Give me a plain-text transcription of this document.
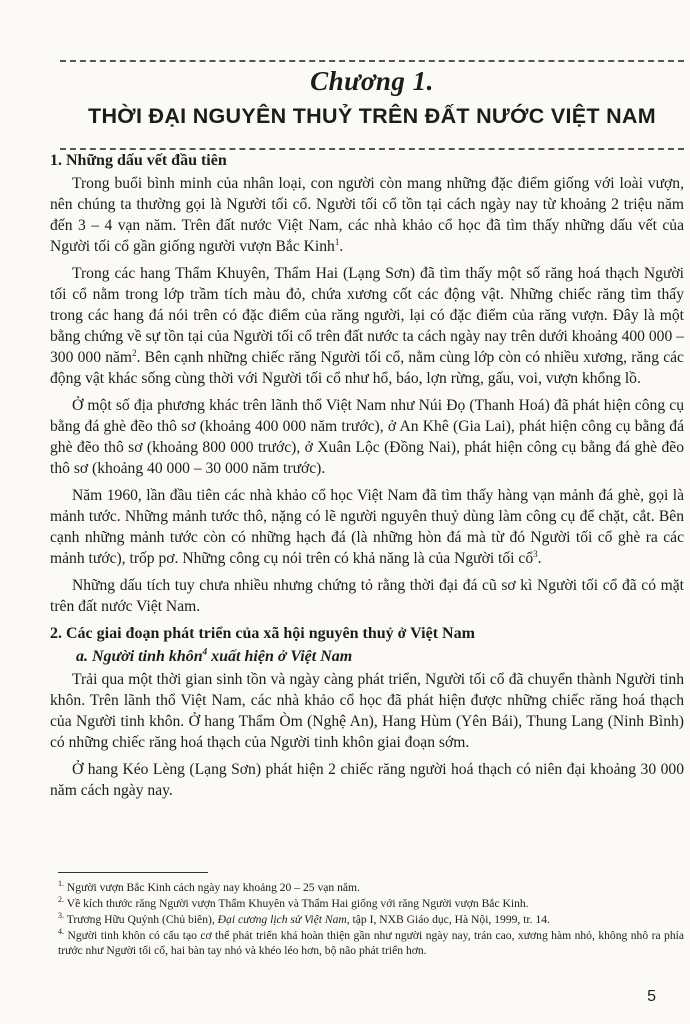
Chương 1.
THỜI ĐẠI NGUYÊN THUỶ TRÊN ĐẤT NƯỚC VIỆT NAM
1. Những dấu vết đầu tiên

Trong buổi bình minh của nhân loại, con người còn mang những đặc điểm giống với loài vượn, nên chúng ta thường gọi là Người tối cổ. Người tối cổ tồn tại cách ngày nay từ khoảng 2 triệu năm đến 3 – 4 vạn năm. Trên đất nước Việt Nam, các nhà khảo cổ học đã tìm thấy những dấu vết của Người tối cổ gần giống người vượn Bắc Kinh$^1$.

Trong các hang Thẩm Khuyên, Thẩm Hai (Lạng Sơn) đã tìm thấy một số răng hoá thạch Người tối cổ nằm trong lớp trầm tích màu đỏ, chứa xương cốt các động vật. Những chiếc răng tìm thấy trong các hang đá nói trên có đặc điểm của răng người, lại có đặc điểm của răng vượn. Đây là một bằng chứng về sự tồn tại của Người tối cổ trên đất nước ta cách ngày nay trên dưới khoảng 400 000 – 300 000 năm$^2$. Bên cạnh những chiếc răng Người tối cổ, nằm cùng lớp còn có nhiều xương, răng các động vật khác sống cùng thời với Người tối cổ như hổ, báo, lợn rừng, gấu, voi, vượn khổng lồ.

Ở một số địa phương khác trên lãnh thổ Việt Nam như Núi Đọ (Thanh Hoá) đã phát hiện công cụ bằng đá ghè đẽo thô sơ (khoảng 400 000 năm trước), ở An Khê (Gia Lai), phát hiện công cụ bằng đá ghè đẽo thô sơ (khoảng 800 000 trước), ở Xuân Lộc (Đồng Nai), phát hiện công cụ bằng đá ghè đẽo thô sơ (khoảng 40 000 – 30 000 năm trước).

Năm 1960, lần đầu tiên các nhà khảo cổ học Việt Nam đã tìm thấy hàng vạn mảnh đá ghè, gọi là mảnh tước. Những mảnh tước thô, nặng có lẽ người nguyên thuỷ dùng làm công cụ để chặt, cắt. Bên cạnh những mảnh tước còn có những hạch đá (là những hòn đá mà từ đó Người tối cổ ghè ra các mảnh tước), trốp pơ. Những công cụ nói trên có khả năng là của Người tối cổ$^3$.

Những dấu tích tuy chưa nhiều nhưng chứng tỏ rằng thời đại đá cũ sơ kì Người tối cổ đã có mặt trên đất nước Việt Nam.

2. Các giai đoạn phát triển của xã hội nguyên thuỷ ở Việt Nam
a. Người tinh khôn$^4$ xuất hiện ở Việt Nam

Trải qua một thời gian sinh tồn và ngày càng phát triển, Người tối cổ đã chuyển thành Người tinh khôn. Trên lãnh thổ Việt Nam, các nhà khảo cổ học đã phát hiện được những chiếc răng hoá thạch của Người tinh khôn. Ở hang Thẩm Òm (Nghệ An), Hang Hùm (Yên Bái), Thung Lang (Ninh Bình) có những chiếc răng hoá thạch của Người tinh khôn giai đoạn sớm.

Ở hang Kéo Lèng (Lạng Sơn) phát hiện 2 chiếc răng người hoá thạch có niên đại khoảng 30 000 năm cách ngày nay.

$^{1.}$ Người vượn Bắc Kinh cách ngày nay khoảng 20 – 25 vạn năm.
$^{2.}$ Về kích thước răng Người vượn Thẩm Khuyên và Thẩm Hai giống với răng Người vượn Bắc Kinh.
$^{3.}$ Trương Hữu Quýnh (Chủ biên), Đại cương lịch sử Việt Nam, tập I, NXB Giáo dục, Hà Nội, 1999, tr. 14.
$^{4.}$ Người tinh khôn có cấu tạo cơ thể phát triển khá hoàn thiện gần như người ngày nay, trán cao, xương hàm nhỏ, không nhô ra phía trước như Người tối cổ, hai bàn tay nhỏ và khéo léo hơn, bộ não phát triển hơn.
5
